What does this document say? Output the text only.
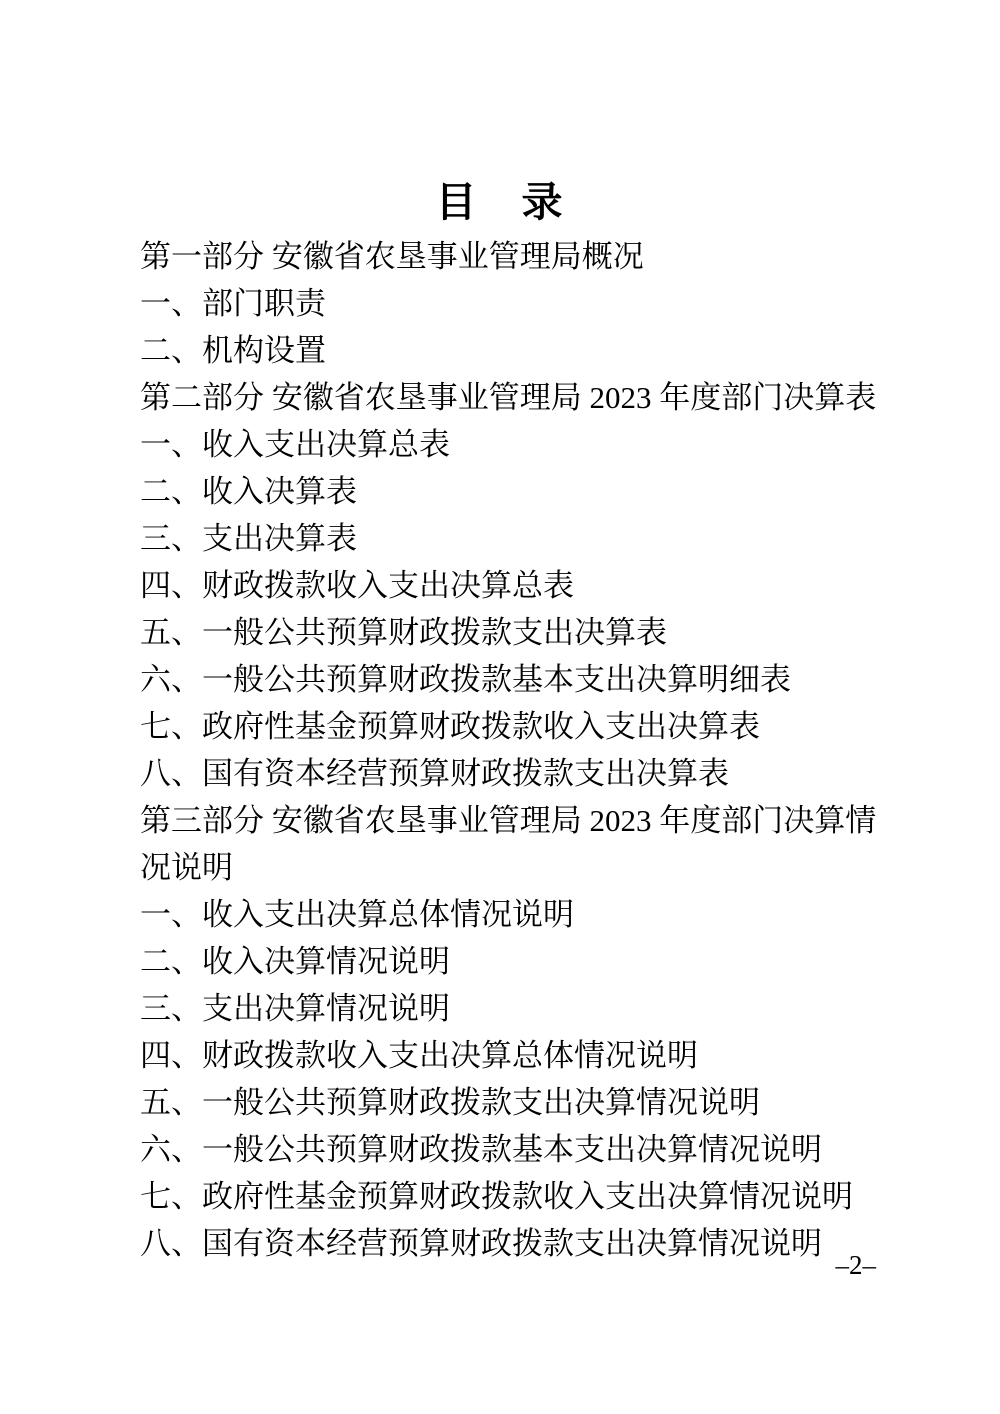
目　录
第一部分 安徽省农垦事业管理局概况
一、部门职责
二、机构设置
第二部分 安徽省农垦事业管理局 2023 年度部门决算表
一、收入支出决算总表
二、收入决算表
三、支出决算表
四、财政拨款收入支出决算总表
五、一般公共预算财政拨款支出决算表
六、一般公共预算财政拨款基本支出决算明细表
七、政府性基金预算财政拨款收入支出决算表
八、国有资本经营预算财政拨款支出决算表
第三部分 安徽省农垦事业管理局 2023 年度部门决算情
况说明
一、收入支出决算总体情况说明
二、收入决算情况说明
三、支出决算情况说明
四、财政拨款收入支出决算总体情况说明
五、一般公共预算财政拨款支出决算情况说明
六、一般公共预算财政拨款基本支出决算情况说明
七、政府性基金预算财政拨款收入支出决算情况说明
八、国有资本经营预算财政拨款支出决算情况说明
–2–
